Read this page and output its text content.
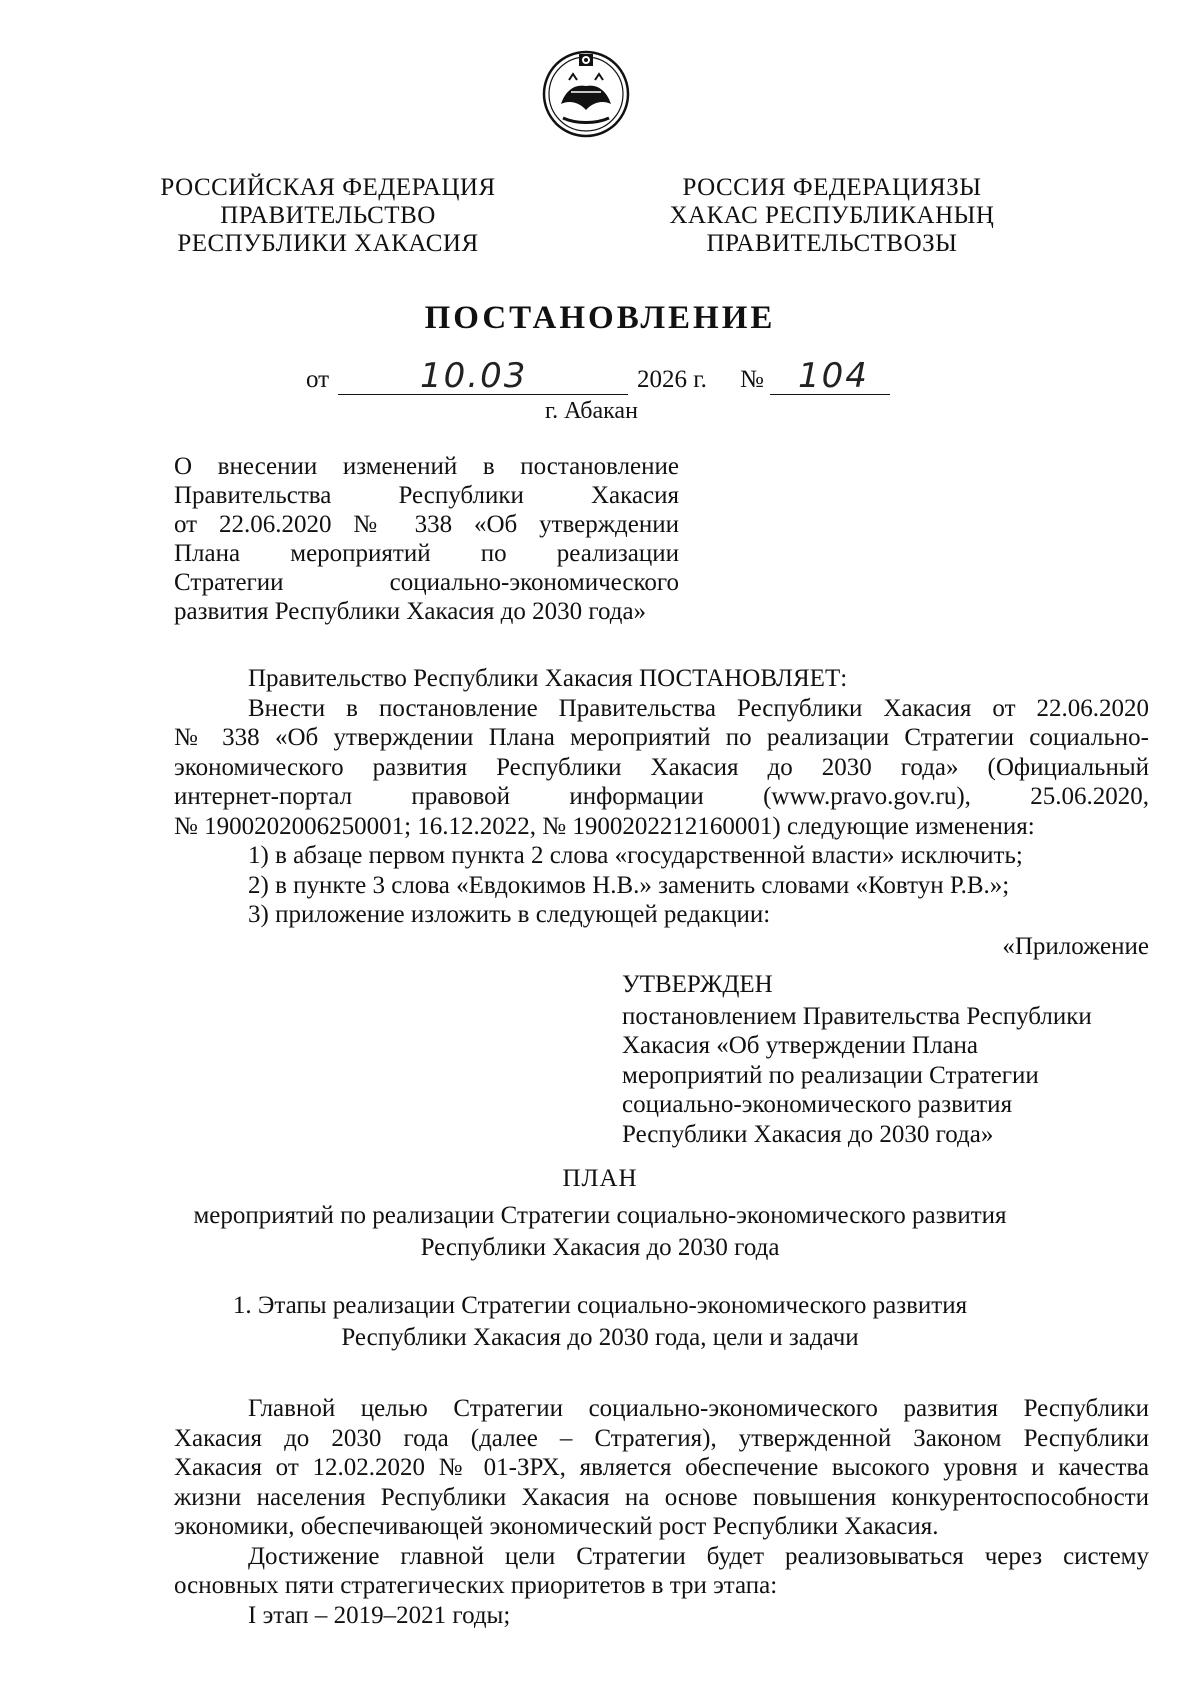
РОССИЙСКАЯ ФЕДЕРАЦИЯ
ПРАВИТЕЛЬСТВО
РЕСПУБЛИКИ ХАКАСИЯ
РОССИЯ ФЕДЕРАЦИЯЗЫ
ХАКАС РЕСПУБЛИКАНЫҢ
ПРАВИТЕЛЬСТВОЗЫ
ПОСТАНОВЛЕНИЕ
от	10.03	2026 г. № 104
г. Абакан
О внесении изменений в постановление
Правительства Республики Хакасия
от 22.06.2020 № 338 «Об утверждении
Плана мероприятий по реализации
Стратегии социально-экономического
развития Республики Хакасия до 2030 года»
Правительство Республики Хакасия ПОСТАНОВЛЯЕТ:
Внести в постановление Правительства Республики Хакасия от 22.06.2020
№ 338 «Об утверждении Плана мероприятий по реализации Стратегии социально-
экономического развития Республики Хакасия до 2030 года» (Официальный
интернет-портал правовой информации (www.pravo.gov.ru), 25.06.2020,
№ 1900202006250001; 16.12.2022, № 1900202212160001) следующие изменения:
1) в абзаце первом пункта 2 слова «государственной власти» исключить;
2) в пункте 3 слова «Евдокимов Н.В.» заменить словами «Ковтун Р.В.»;
3) приложение изложить в следующей редакции:
«Приложение
УТВЕРЖДЕН
постановлением Правительства Республики
Хакасия «Об утверждении Плана
мероприятий по реализации Стратегии
социально-экономического развития
Республики Хакасия до 2030 года»
ПЛАН
мероприятий по реализации Стратегии социально-экономического развития
Республики Хакасия до 2030 года
1. Этапы реализации Стратегии социально-экономического развития
Республики Хакасия до 2030 года, цели и задачи
Главной целью Стратегии социально-экономического развития Республики
Хакасия до 2030 года (далее – Стратегия), утвержденной Законом Республики
Хакасия от 12.02.2020 № 01-ЗРХ, является обеспечение высокого уровня и качества
жизни населения Республики Хакасия на основе повышения конкурентоспособности
экономики, обеспечивающей экономический рост Республики Хакасия.
Достижение главной цели Стратегии будет реализовываться через систему
основных пяти стратегических приоритетов в три этапа:
I этап – 2019–2021 годы;
